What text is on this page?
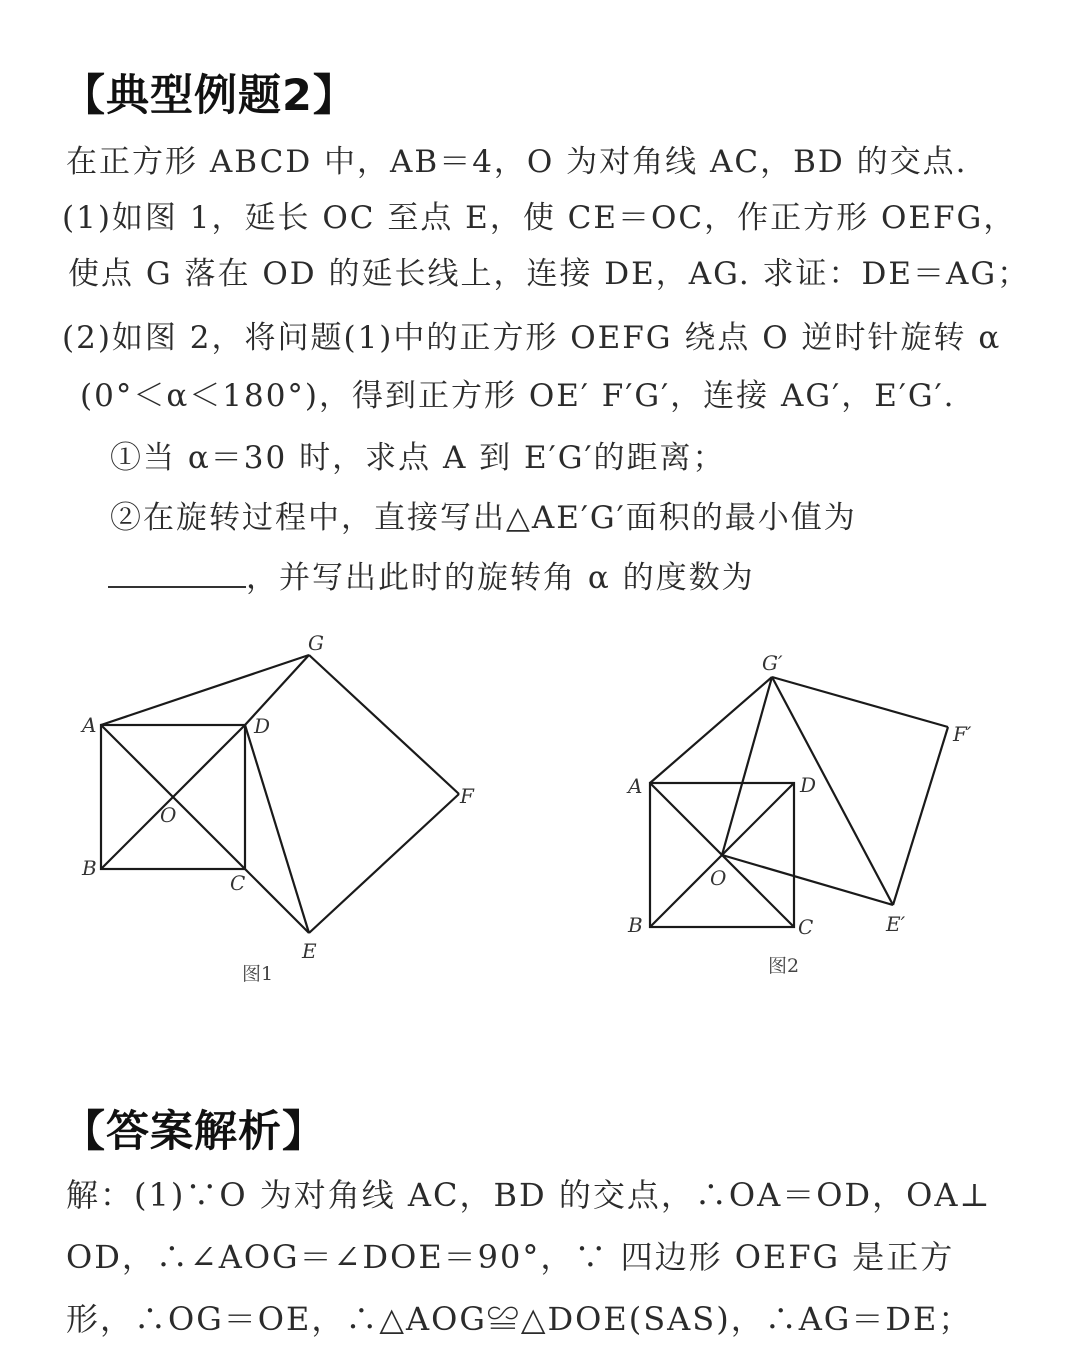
【典型例题2】
在正方形 ABCD 中，AB＝4，O 为对角线 AC，BD 的交点.
(1)如图 1，延长 OC 至点 E，使 CE＝OC，作正方形 OEFG，
使点 G 落在 OD 的延长线上，连接 DE，AG. 求证：DE＝AG；
(2)如图 2，将问题(1)中的正方形 OEFG 绕点 O 逆时针旋转 α
(0°＜α＜180°)，得到正方形 OE′ F′G′，连接 AG′，E′G′.
①当 α＝30 时，求点 A 到 E′G′的距离；
②在旋转过程中，直接写出△AE′G′面积的最小值为
，并写出此时的旋转角 α 的度数为
A
B
C
D
O
E
F
G
图1
A
B	C
D
O
E′
F′
G′
图2
【答案解析】
解：(1)∵O 为对角线 AC，BD 的交点，∴OA＝OD，OA⊥
OD，∴∠AOG＝∠DOE＝90°，∵ 四边形 OEFG 是正方
形，∴OG＝OE，∴△AOG≌△DOE(SAS)，∴AG＝DE；
